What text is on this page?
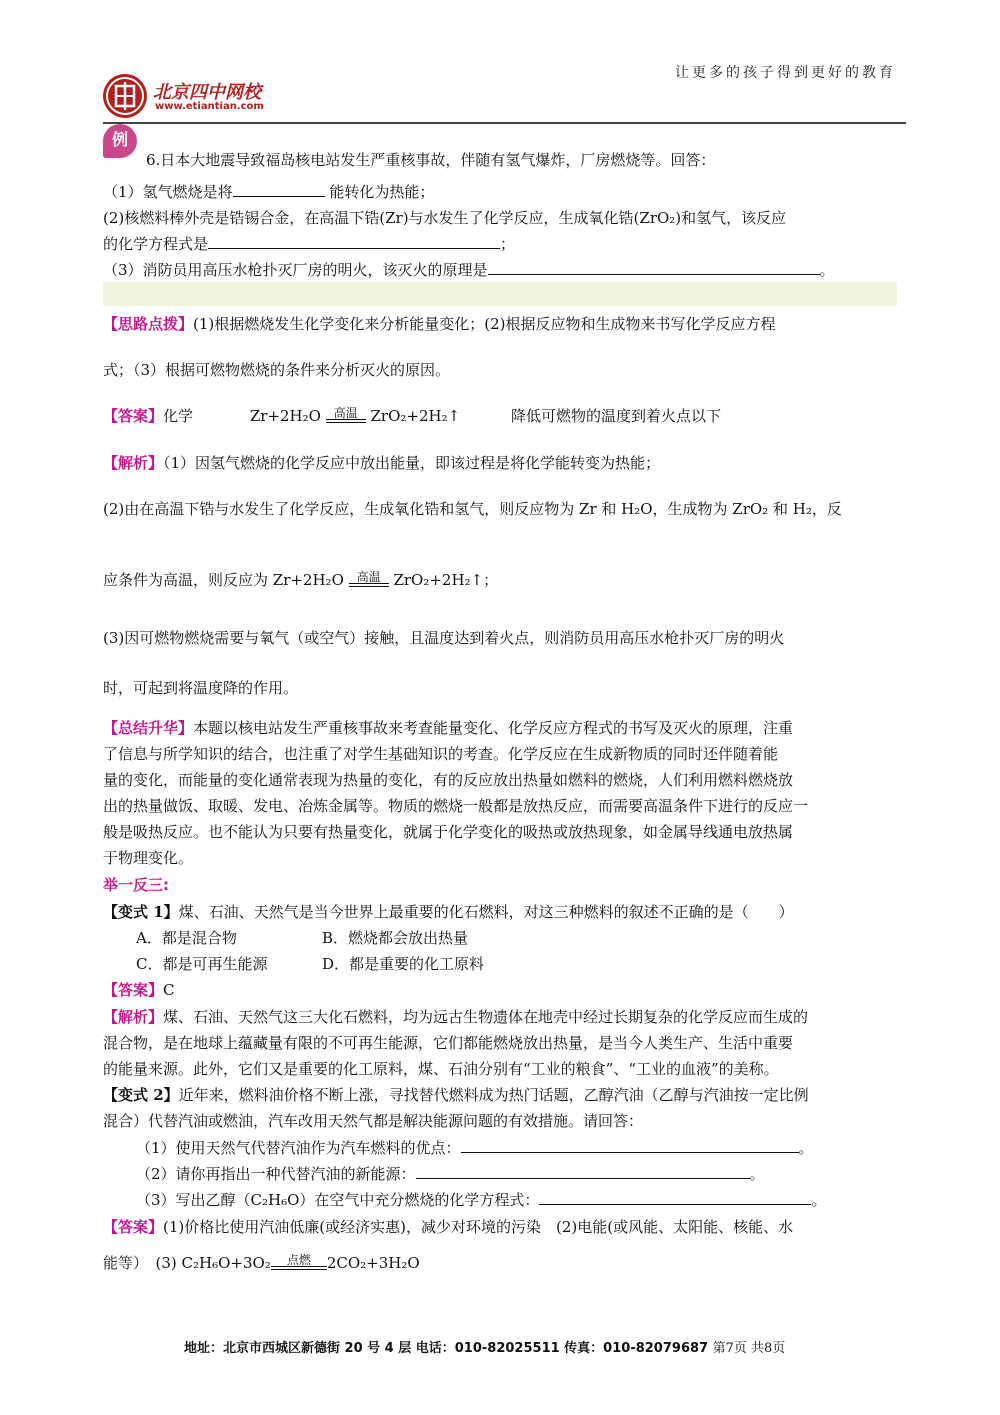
让更多的孩子得到更好的教育
北京四中网校
www.etiantian.com
例
6.日本大地震导致福岛核电站发生严重核事故，伴随有氢气爆炸，厂房燃烧等。回答：
（1）氢气燃烧是将	能转化为热能；
(2)核燃料棒外壳是锆锡合金，在高温下锆(Zr)与水发生了化学反应，生成氧化锆(ZrO₂)和氢气，该反应
的化学方程式是	；
（3）消防员用高压水枪扑灭厂房的明火，该灭火的原理是	。
【思路点拨】(1)根据燃烧发生化学变化来分析能量变化；(2)根据反应物和生成物来书写化学反应方程
式；（3）根据可燃物燃烧的条件来分析灭火的原因。
【答案】化学	Zr+2H₂O	高温 ZrO₂+2H₂↑	降低可燃物的温度到着火点以下
【解析】（1）因氢气燃烧的化学反应中放出能量，即该过程是将化学能转变为热能；
(2)由在高温下锆与水发生了化学反应，生成氧化锆和氢气，则反应物为 Zr 和 H₂O，生成物为 ZrO₂ 和 H₂，反
应条件为高温，则反应为 Zr+2H₂O	高温 ZrO₂+2H₂↑；
(3)因可燃物燃烧需要与氧气（或空气）接触，且温度达到着火点，则消防员用高压水枪扑灭厂房的明火
时，可起到将温度降的作用。
【总结升华】本题以核电站发生严重核事故来考查能量变化、化学反应方程式的书写及灭火的原理，注重
了信息与所学知识的结合，也注重了对学生基础知识的考查。化学反应在生成新物质的同时还伴随着能
量的变化，而能量的变化通常表现为热量的变化，有的反应放出热量如燃料的燃烧，人们利用燃料燃烧放
出的热量做饭、取暖、发电、冶炼金属等。物质的燃烧一般都是放热反应，而需要高温条件下进行的反应一
般是吸热反应。也不能认为只要有热量变化，就属于化学变化的吸热或放热现象，如金属导线通电放热属
于物理变化。
举一反三:
【变式 1】煤、石油、天然气是当今世界上最重要的化石燃料，对这三种燃料的叙述不正确的是（　　）
A．都是混合物	B．燃烧都会放出热量
C．都是可再生能源	D．都是重要的化工原料
【答案】C
【解析】煤、石油、天然气这三大化石燃料，均为远古生物遗体在地壳中经过长期复杂的化学反应而生成的
混合物，是在地球上蕴藏量有限的不可再生能源，它们都能燃烧放出热量，是当今人类生产、生活中重要
的能量来源。此外，它们又是重要的化工原料，煤、石油分别有“工业的粮食”、“工业的血液”的美称。
【变式 2】近年来，燃料油价格不断上涨，寻找替代燃料成为热门话题，乙醇汽油（乙醇与汽油按一定比例
混合）代替汽油或燃油，汽车改用天然气都是解决能源问题的有效措施。请回答：
（1）使用天然气代替汽油作为汽车燃料的优点：	。
（2）请你再指出一种代替汽油的新能源：	。
（3）写出乙醇（C₂H₆O）在空气中充分燃烧的化学方程式：	。
【答案】(1)价格比使用汽油低廉(或经济实惠)，减少对环境的污染　(2)电能(或风能、太阳能、核能、水
能等）　(3) C₂H₆O+3O₂	点燃	2CO₂+3H₂O
地址：北京市西城区新德街 20 号 4 层 电话：010-82025511 传真：010-82079687 第7页 共8页
